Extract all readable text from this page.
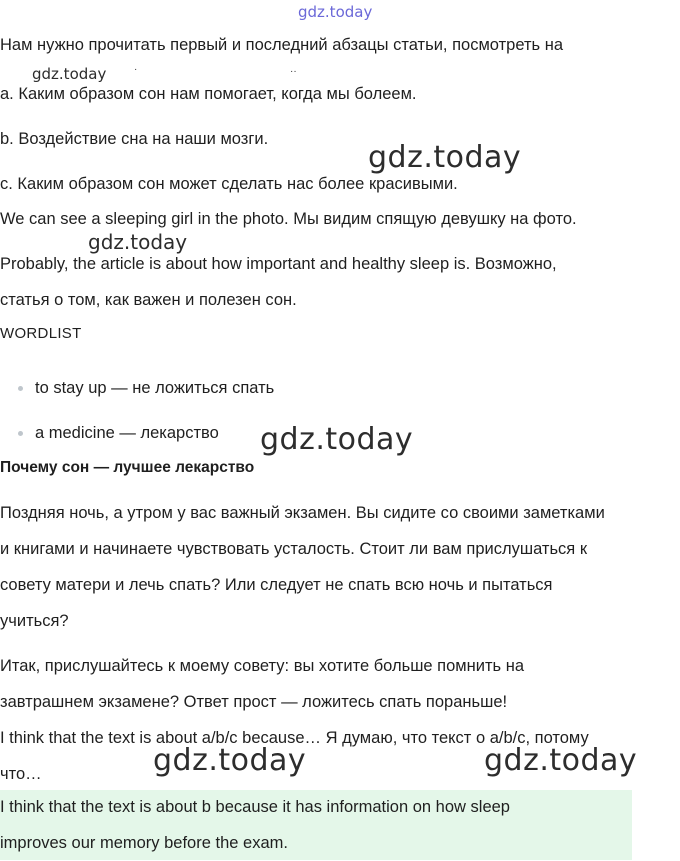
gdz.today
gdz.today	·	··
gdz.today
gdz.today
gdz.today
gdz.today	gdz.today
Нам нужно прочитать первый и последний абзацы статьи, посмотреть на
a. Каким образом сон нам помогает, когда мы болеем.
b. Воздействие сна на наши мозги.
c. Каким образом сон может сделать нас более красивыми.
We can see a sleeping girl in the photo. Мы видим спящую девушку на фото.
Probably, the article is about how important and healthy sleep is. Возможно,
статья о том, как важен и полезен сон.
WORDLIST
to stay up — не ложиться спать
a medicine — лекарство
Почему сон — лучшее лекарство
Поздняя ночь, а утром у вас важный экзамен. Вы сидите со своими заметками
и книгами и начинаете чувствовать усталость. Стоит ли вам прислушаться к
совету матери и лечь спать? Или следует не спать всю ночь и пытаться
учиться?
Итак, прислушайтесь к моему совету: вы хотите больше помнить на
завтрашнем экзамене? Ответ прост — ложитесь спать пораньше!
I think that the text is about a/b/c because… Я думаю, что текст о a/b/c, потому
что…
I think that the text is about b because it has information on how sleep
improves our memory before the exam.
